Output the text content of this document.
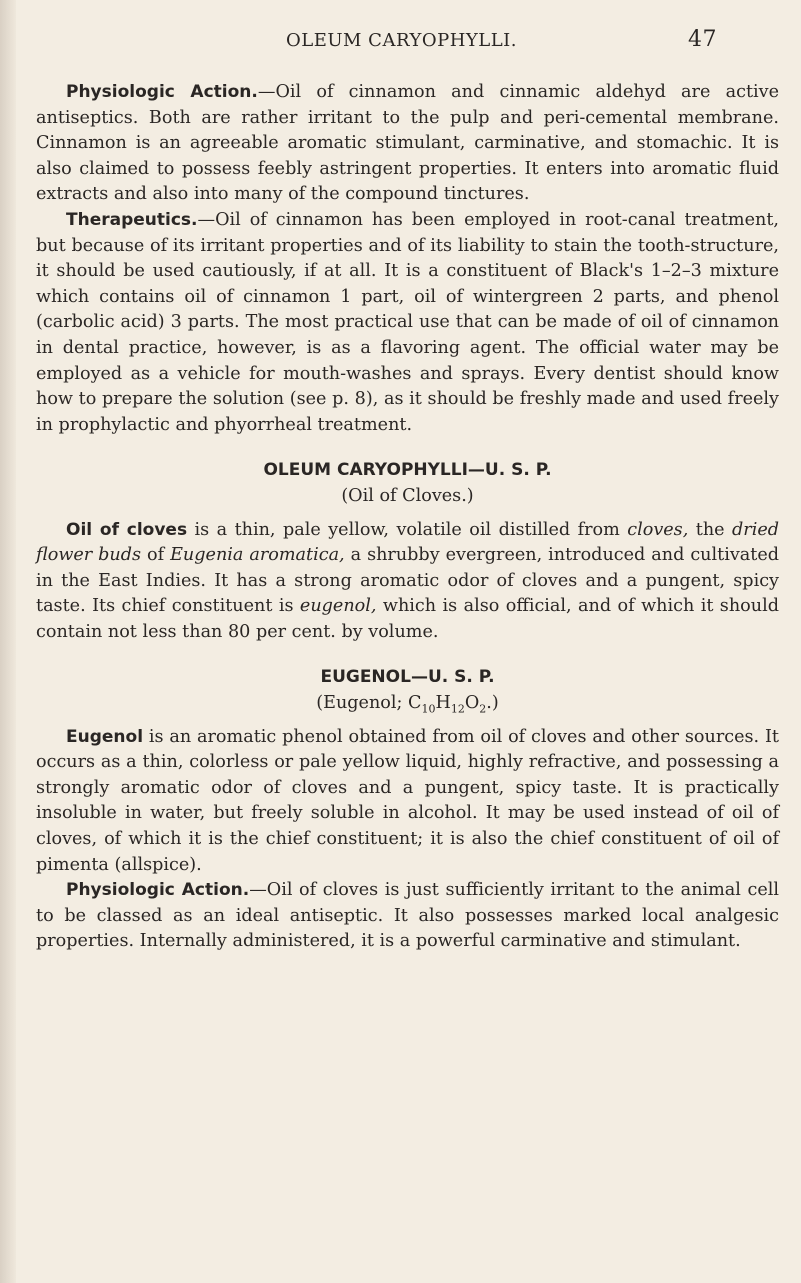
OLEUM CARYOPHYLLI.	47

Physiologic Action.—Oil of cinnamon and cinnamic aldehyd are active antiseptics. Both are rather irritant to the pulp and peri-cemental membrane. Cinnamon is an agreeable aromatic stimulant, carminative, and stomachic. It is also claimed to possess feebly astringent properties. It enters into aromatic fluid extracts and also into many of the compound tinctures.

Therapeutics.—Oil of cinnamon has been employed in root-canal treatment, but because of its irritant properties and of its liability to stain the tooth-structure, it should be used cautiously, if at all. It is a constituent of Black's 1–2–3 mixture which contains oil of cinnamon 1 part, oil of wintergreen 2 parts, and phenol (carbolic acid) 3 parts. The most practical use that can be made of oil of cinnamon in dental practice, however, is as a flavoring agent. The official water may be employed as a vehicle for mouth-washes and sprays. Every dentist should know how to prepare the solution (see p. 8), as it should be freshly made and used freely in prophylactic and phyorrheal treatment.

OLEUM CARYOPHYLLI—U. S. P.
(Oil of Cloves.)

Oil of cloves is a thin, pale yellow, volatile oil distilled from cloves, the dried flower buds of Eugenia aromatica, a shrubby evergreen, introduced and cultivated in the East Indies. It has a strong aromatic odor of cloves and a pungent, spicy taste. Its chief constituent is eugenol, which is also official, and of which it should contain not less than 80 per cent. by volume.

EUGENOL—U. S. P.
(Eugenol; $C_{10}H_{12}O_2$.)

Eugenol is an aromatic phenol obtained from oil of cloves and other sources. It occurs as a thin, colorless or pale yellow liquid, highly refractive, and possessing a strongly aromatic odor of cloves and a pungent, spicy taste. It is practically insoluble in water, but freely soluble in alcohol. It may be used instead of oil of cloves, of which it is the chief constituent; it is also the chief constituent of oil of pimenta (allspice).

Physiologic Action.—Oil of cloves is just sufficiently irritant to the animal cell to be classed as an ideal antiseptic. It also possesses marked local analgesic properties. Internally administered, it is a powerful carminative and stimulant.
